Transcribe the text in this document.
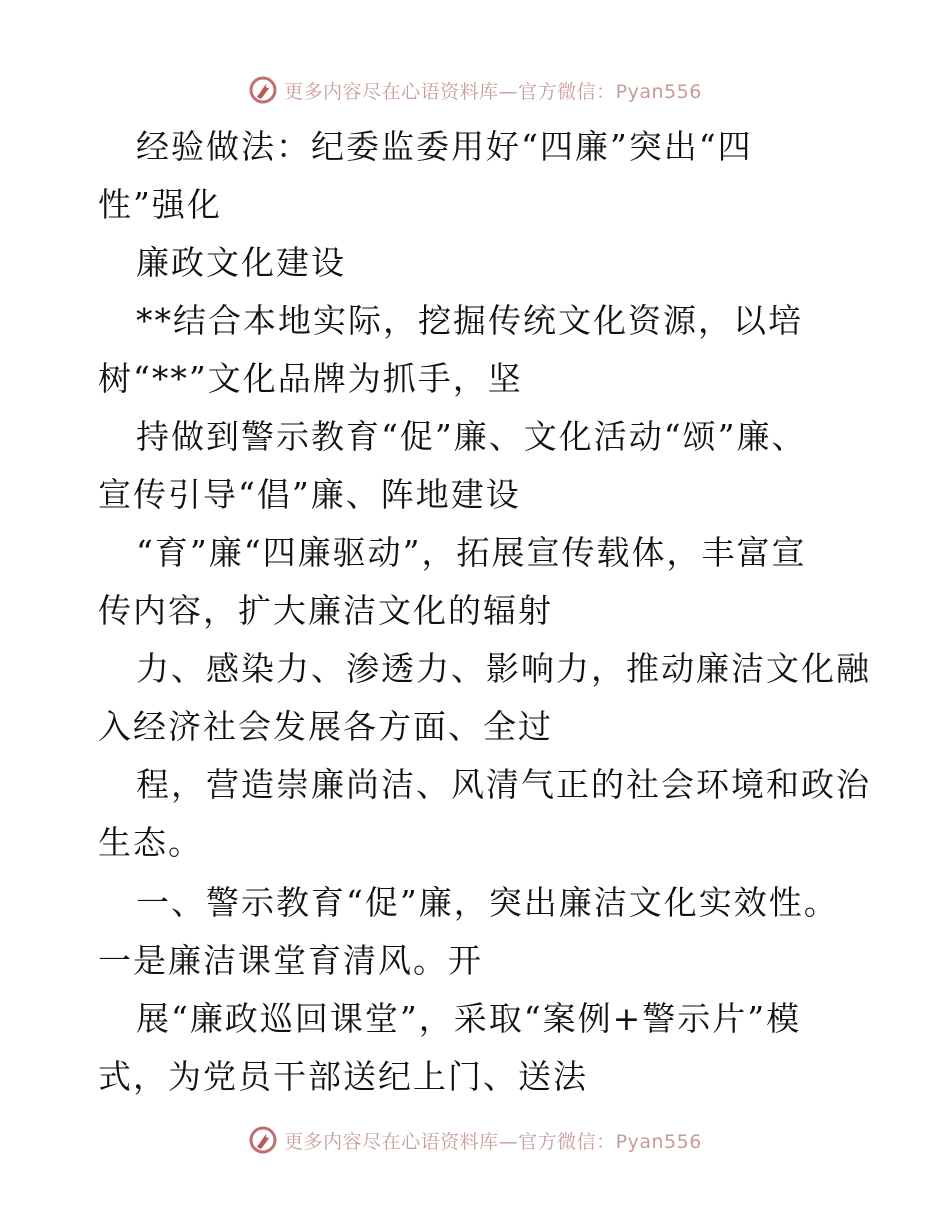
更多内容尽在心语资料库—官方微信：Pyan556
经验做法：纪委监委用好“四廉”突出“四
性”强化
廉政文化建设
**结合本地实际，挖掘传统文化资源，以培
树“**”文化品牌为抓手，坚
持做到警示教育“促”廉、文化活动“颂”廉、
宣传引导“倡”廉、阵地建设
“育”廉“四廉驱动”，拓展宣传载体，丰富宣
传内容，扩大廉洁文化的辐射
力、感染力、渗透力、影响力，推动廉洁文化融
入经济社会发展各方面、全过
程，营造崇廉尚洁、风清气正的社会环境和政治
生态。
一、警示教育“促”廉，突出廉洁文化实效性。
一是廉洁课堂育清风。开
展“廉政巡回课堂”，采取“案例+警示片”模
式，为党员干部送纪上门、送法
更多内容尽在心语资料库—官方微信：Pyan556
